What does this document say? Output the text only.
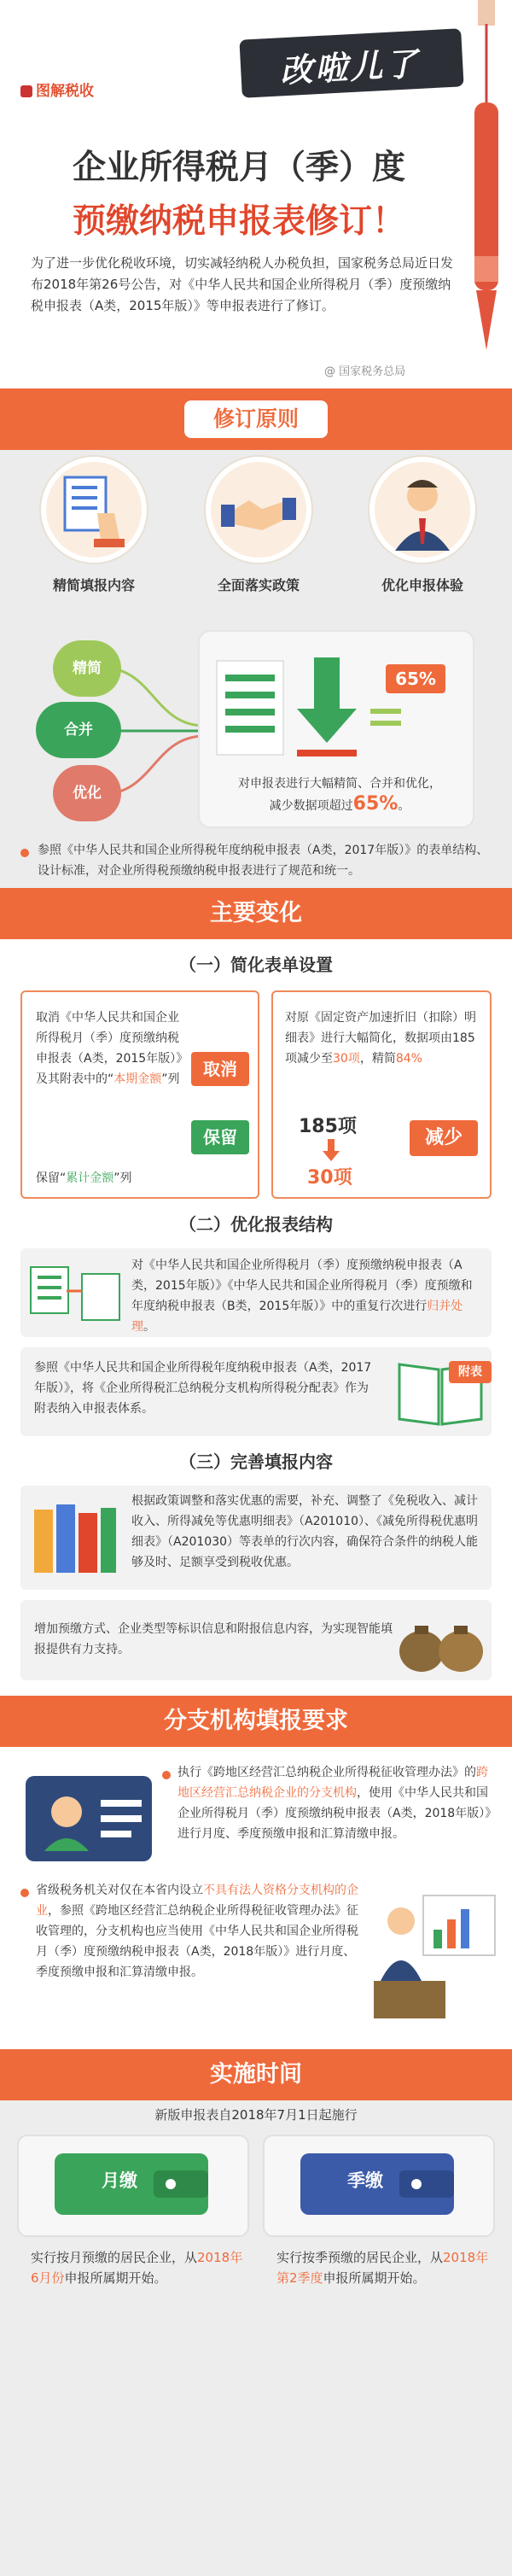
图解税收
改啦儿了
企业所得税月（季）度
预缴纳税申报表修订！
为了进一步优化税收环境，切实减轻纳税人办税负担，国家税务总局近日发布2018年第26号公告，对《中华人民共和国企业所得税月（季）度预缴纳税申报表（A类，2015年版）》等申报表进行了修订。
@ 国家税务总局
修订原则
精简填报内容	全面落实政策	优化申报体验
精简
合并
优化
65%
对申报表进行大幅精简、合并和优化，
减少数据项超过65%。
参照《中华人民共和国企业所得税年度纳税申报表（A类，2017年版）》的表单结构、设计标准，对企业所得税预缴纳税申报表进行了规范和统一。
主要变化
（一）简化表单设置
取消《中华人民共和国企业所得税月（季）度预缴纳税申报表（A类，2015年版）》及其附表中的“本期金额”列
保留“累计金额”列
取消
保留
对原《固定资产加速折旧（扣除）明细表》进行大幅简化，数据项由185项减少至30项，精简84%
185项
30项
减少
（二）优化报表结构
对《中华人民共和国企业所得税月（季）度预缴纳税申报表（A类，2015年版）》《中华人民共和国企业所得税月（季）度预缴和年度纳税申报表（B类，2015年版）》中的重复行次进行归并处理。
参照《中华人民共和国企业所得税年度纳税申报表（A类，2017年版）》，将《企业所得税汇总纳税分支机构所得税分配表》作为附表纳入申报表体系。
附表
（三）完善填报内容
根据政策调整和落实优惠的需要，补充、调整了《免税收入、减计收入、所得减免等优惠明细表》（A201010）、《减免所得税优惠明细表》（A201030）等表单的行次内容，确保符合条件的纳税人能够及时、足额享受到税收优惠。
增加预缴方式、企业类型等标识信息和附报信息内容，为实现智能填报提供有力支持。
分支机构填报要求
执行《跨地区经营汇总纳税企业所得税征收管理办法》的跨地区经营汇总纳税企业的分支机构，使用《中华人民共和国企业所得税月（季）度预缴纳税申报表（A类，2018年版）》进行月度、季度预缴申报和汇算清缴申报。
省级税务机关对仅在本省内设立不具有法人资格分支机构的企业，参照《跨地区经营汇总纳税企业所得税征收管理办法》征收管理的，分支机构也应当使用《中华人民共和国企业所得税月（季）度预缴纳税申报表（A类，2018年版）》进行月度、季度预缴申报和汇算清缴申报。
实施时间
新版申报表自2018年7月1日起施行
月缴	季缴
实行按月预缴的居民企业，从2018年6月份申报所属期开始。
实行按季预缴的居民企业，从2018年第2季度申报所属期开始。
